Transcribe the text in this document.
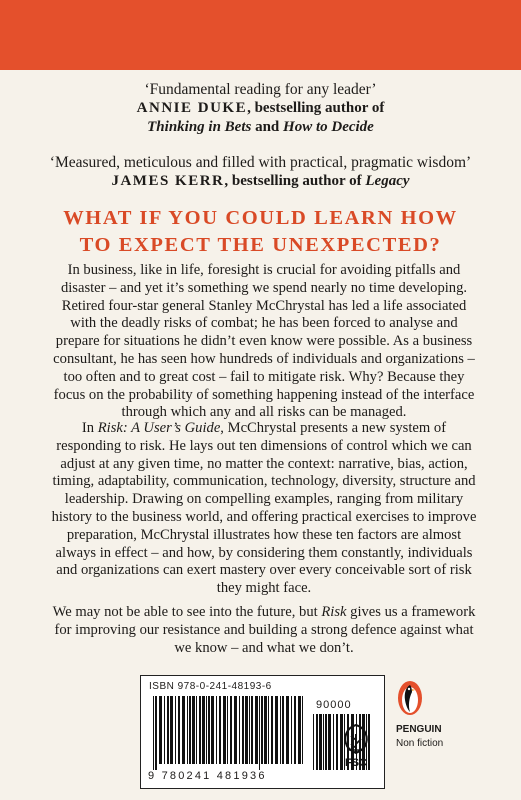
‘Fundamental reading for any leader’
ANNIE DUKE, bestselling author of
Thinking in Bets and How to Decide
‘Measured, meticulous and filled with practical, pragmatic wisdom’
JAMES KERR, bestselling author of Legacy
WHAT IF YOU COULD LEARN HOW
TO EXPECT THE UNEXPECTED?
In business, like in life, foresight is crucial for avoiding pitfalls and disaster – and yet it’s something we spend nearly no time developing. Retired four-star general Stanley McChrystal has led a life associated with the deadly risks of combat; he has been forced to analyse and prepare for situations he didn’t even know were possible. As a business consultant, he has seen how hundreds of individuals and organizations – too often and to great cost – fail to mitigate risk. Why? Because they focus on the probability of something happening instead of the interface through which any and all risks can be managed.
In Risk: A User’s Guide, McChrystal presents a new system of responding to risk. He lays out ten dimensions of control which we can adjust at any given time, no matter the context: narrative, bias, action, timing, adaptability, communication, technology, diversity, structure and leadership. Drawing on compelling examples, ranging from military history to the business world, and offering practical exercises to improve preparation, McChrystal illustrates how these ten factors are almost always in effect – and how, by considering them constantly, individuals and organizations can exert mastery over every conceivable sort of risk they might face.
We may not be able to see into the future, but Risk gives us a framework for improving our resistance and building a strong defence against what we know – and what we don’t.
ISBN 978-0-241-48193-6
90000
9 780241 481936
PENGUIN
Non fiction
FSC
